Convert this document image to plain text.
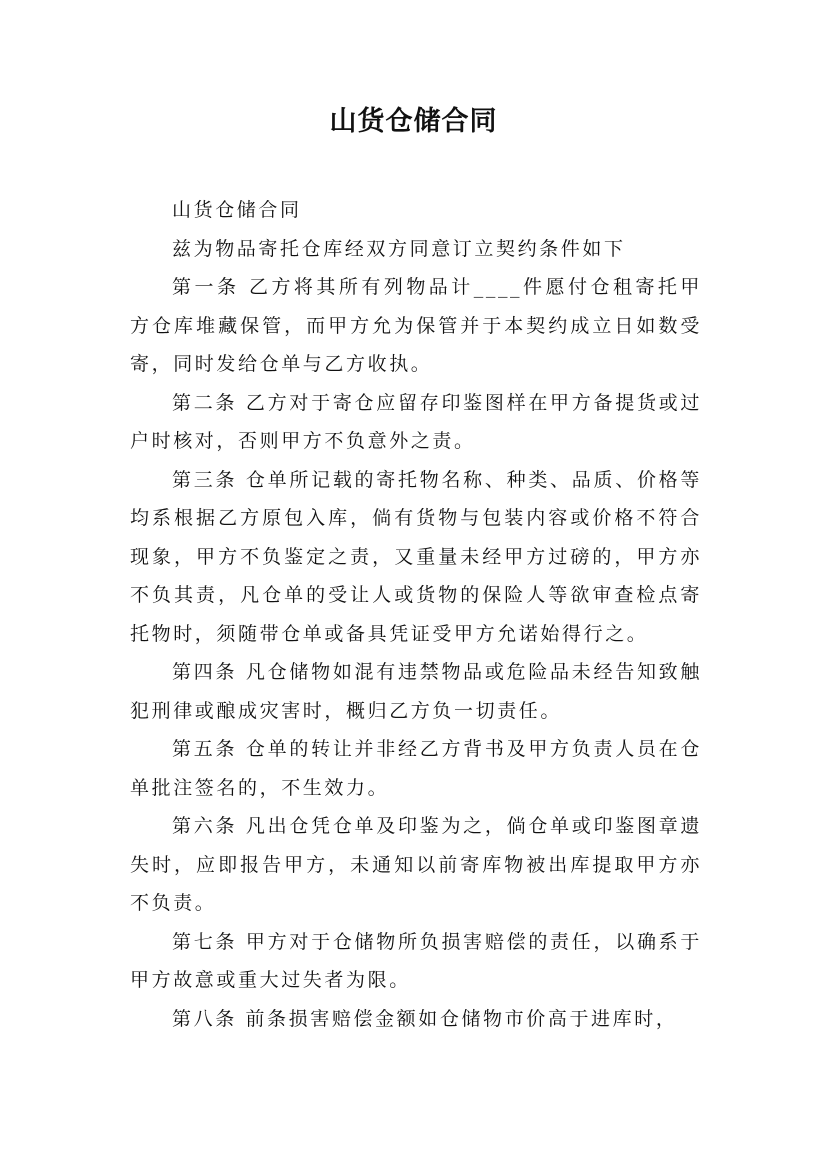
山货仓储合同

山货仓储合同

兹为物品寄托仓库经双方同意订立契约条件如下

第一条 乙方将其所有列物品计____件愿付仓租寄托甲方仓库堆藏保管，而甲方允为保管并于本契约成立日如数受寄，同时发给仓单与乙方收执。

第二条 乙方对于寄仓应留存印鉴图样在甲方备提货或过户时核对，否则甲方不负意外之责。

第三条 仓单所记载的寄托物名称、种类、品质、价格等均系根据乙方原包入库，倘有货物与包装内容或价格不符合现象，甲方不负鉴定之责，又重量未经甲方过磅的，甲方亦不负其责，凡仓单的受让人或货物的保险人等欲审查检点寄托物时，须随带仓单或备具凭证受甲方允诺始得行之。

第四条 凡仓储物如混有违禁物品或危险品未经告知致触犯刑律或酿成灾害时，概归乙方负一切责任。

第五条 仓单的转让并非经乙方背书及甲方负责人员在仓单批注签名的，不生效力。

第六条 凡出仓凭仓单及印鉴为之，倘仓单或印鉴图章遗失时，应即报告甲方，未通知以前寄库物被出库提取甲方亦不负责。

第七条 甲方对于仓储物所负损害赔偿的责任，以确系于甲方故意或重大过失者为限。

第八条 前条损害赔偿金额如仓储物市价高于进库时，
